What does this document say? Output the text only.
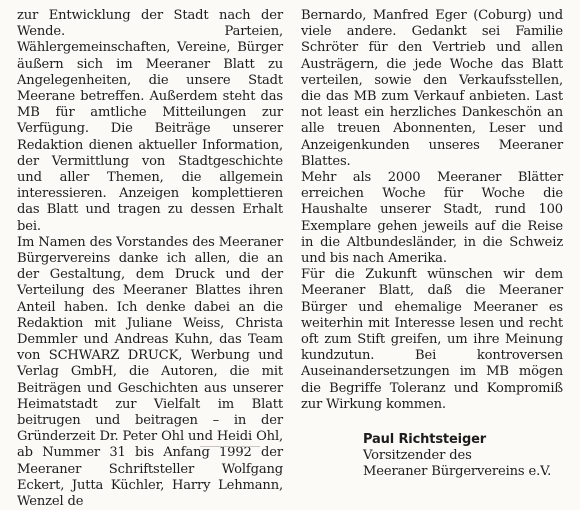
zur Entwicklung der Stadt nach der Wende. Parteien, Wählergemeinschaften, Vereine, Bürger äußern sich im Meeraner Blatt zu Angelegenheiten, die unsere Stadt Meerane betreffen. Außerdem steht das MB für amtliche Mitteilungen zur Verfügung. Die Beiträge unserer Redaktion dienen aktueller Information, der Vermittlung von Stadtgeschichte und aller Themen, die allgemein interessieren. Anzeigen komplettieren das Blatt und tragen zu dessen Erhalt bei.

Im Namen des Vorstandes des Meeraner Bürgervereins danke ich allen, die an der Gestaltung, dem Druck und der Verteilung des Meeraner Blattes ihren Anteil haben. Ich denke dabei an die Redaktion mit Juliane Weiss, Christa Demmler und Andreas Kuhn, das Team von SCHWARZ DRUCK, Werbung und Verlag GmbH, die Autoren, die mit Beiträgen und Geschichten aus unserer Heimatstadt zur Vielfalt im Blatt beitrugen und beitragen – in der Gründerzeit Dr. Peter Ohl und Heidi Ohl, ab Nummer 31 bis Anfang 1992 der Meeraner Schriftsteller Wolfgang Eckert, Jutta Küchler, Harry Lehmann, Wenzel de

Bernardo, Manfred Eger (Coburg) und viele andere. Gedankt sei Familie Schröter für den Vertrieb und allen Austrägern, die jede Woche das Blatt verteilen, sowie den Verkaufsstellen, die das MB zum Verkauf anbieten. Last not least ein herzliches Dankeschön an alle treuen Abonnenten, Leser und Anzeigenkunden unseres Meeraner Blattes.

Mehr als 2000 Meeraner Blätter erreichen Woche für Woche die Haushalte unserer Stadt, rund 100 Exemplare gehen jeweils auf die Reise in die Altbundesländer, in die Schweiz und bis nach Amerika.

Für die Zukunft wünschen wir dem Meeraner Blatt, daß die Meeraner Bürger und ehemalige Meeraner es weiterhin mit Interesse lesen und recht oft zum Stift greifen, um ihre Meinung kundzutun. Bei kontroversen Auseinandersetzungen im MB mögen die Begriffe Toleranz und Kompromiß zur Wirkung kommen.

Paul Richtsteiger
Vorsitzender des
Meeraner Bürgervereins e.V.
